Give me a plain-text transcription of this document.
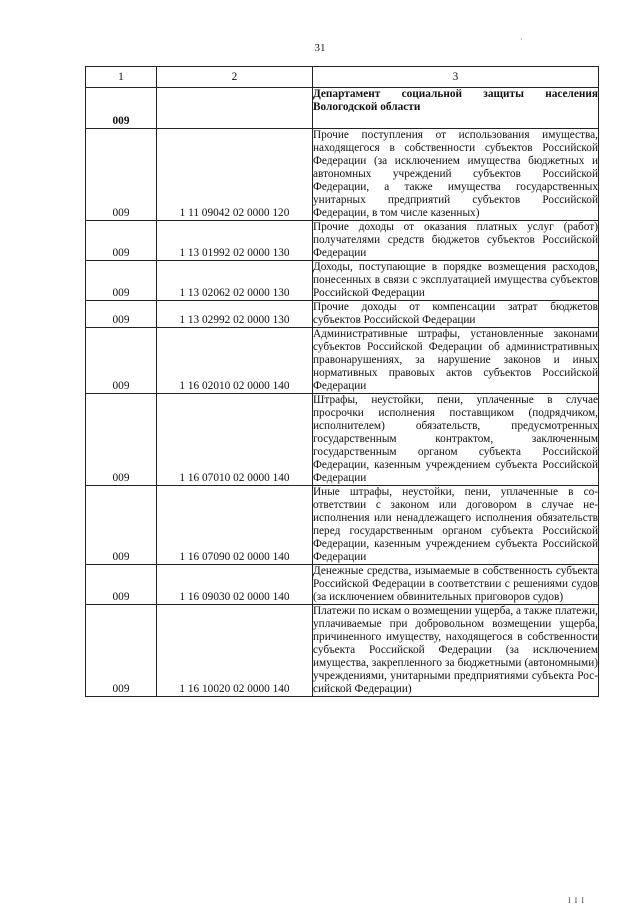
31
·
1	2	3
009		Департамент социальной защиты населения Вологодской области
009	1 11 09042 02 0000 120	Прочие поступления от использования имущества, находящегося в собственности субъектов Российской Федерации (за исключением имущества бюджетных и автономных учреждений субъектов Российской Федерации, а также имущества государственных унитарных предприятий субъектов Российской Федерации, в том числе казенных)
009	1 13 01992 02 0000 130	Прочие доходы от оказания платных услуг (работ) получателями средств бюджетов субъектов Российской Федерации
009	1 13 02062 02 0000 130	Доходы, поступающие в порядке возмещения расходов, понесенных в связи с эксплуатацией имущества субъектов Российской Федерации
009	1 13 02992 02 0000 130	Прочие доходы от компенсации затрат бюджетов субъектов Российской Федерации
009	1 16 02010 02 0000 140	Административные штрафы, установленные законами субъектов Российской Федерации об административных правонарушениях, за нарушение законов и иных нормативных правовых актов субъектов Российской Федерации
009	1 16 07010 02 0000 140	Штрафы, неустойки, пени, уплаченные в случае просрочки исполнения поставщиком (подрядчиком, исполнителем) обязательств, предусмотренных государственным контрактом, заключенным государственным органом субъекта Российской Федерации, казенным учреждением субъекта Российской Федерации
009	1 16 07090 02 0000 140	Иные штрафы, неустойки, пени, уплаченные в соответствии с законом или договором в случае неисполнения или ненадлежащего исполнения обязательств перед государственным органом субъекта Российской Федерации, казенным учреждением субъекта Российской Федерации
009	1 16 09030 02 0000 140	Денежные средства, изымаемые в собственность субъекта Российской Федерации в соответствии с решениями судов (за исключением обвинительных приговоров судов)
009	1 16 10020 02 0000 140	Платежи по искам о возмещении ущерба, а также платежи, уплачиваемые при добровольном возмещении ущерба, причиненного имуществу, находящегося в собственности субъекта Российской Федерации (за исключением имущества, закрепленного за бюджетными (автономными) учреждениями, унитарными предприятиями субъекта Российской Федерации)
I I I
